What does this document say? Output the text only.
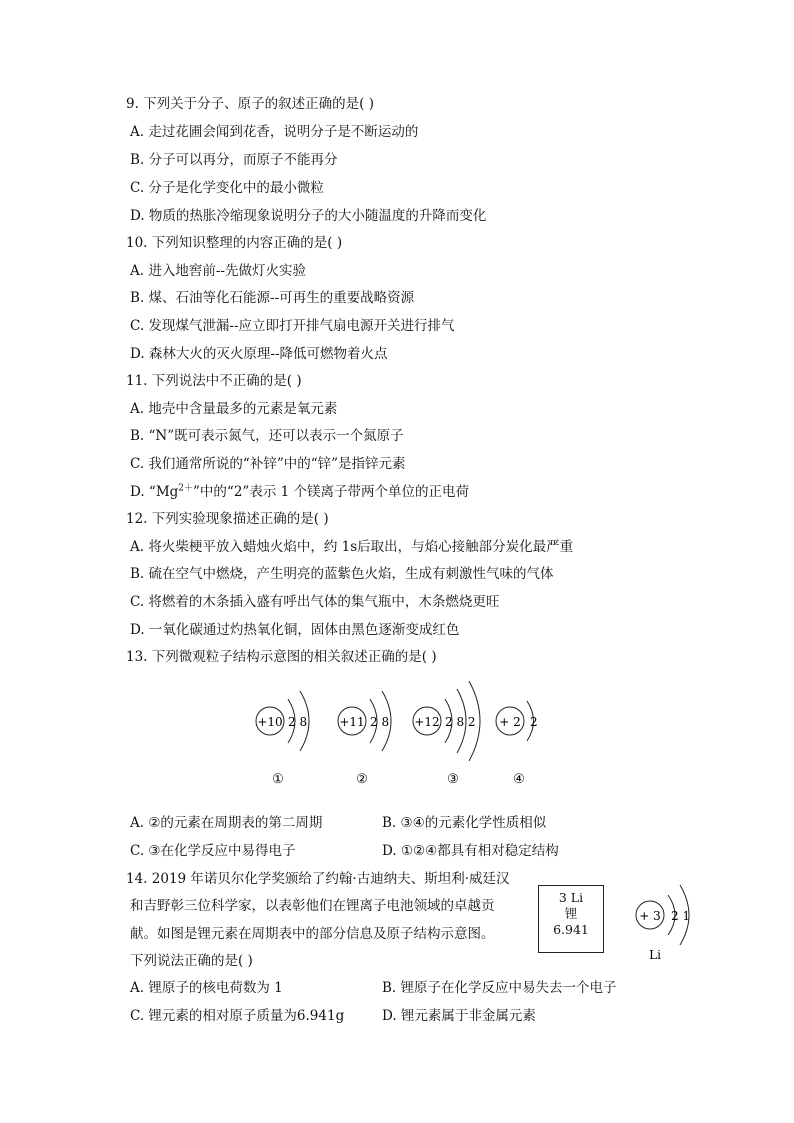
9. 下列关于分子、原子的叙述正确的是( )
A. 走过花圃会闻到花香，说明分子是不断运动的
B. 分子可以再分，而原子不能再分
C. 分子是化学变化中的最小微粒
D. 物质的热胀冷缩现象说明分子的大小随温度的升降而变化
10. 下列知识整理的内容正确的是( )
A. 进入地窖前--先做灯火实验
B. 煤、石油等化石能源--可再生的重要战略资源
C. 发现煤气泄漏--应立即打开排气扇电源开关进行排气
D. 森林大火的灭火原理--降低可燃物着火点
11. 下列说法中不正确的是( )
A. 地壳中含量最多的元素是氧元素
B. “N”既可表示氮气，还可以表示一个氮原子
C. 我们通常所说的“补锌”中的“锌”是指锌元素
D. “$Mg^{2+}$”中的“2”表示 1 个镁离子带两个单位的正电荷
12. 下列实验现象描述正确的是( )
A. 将火柴梗平放入蜡烛火焰中，约 1s后取出，与焰心接触部分炭化最严重
B. 硫在空气中燃烧，产生明亮的蓝紫色火焰，生成有刺激性气味的气体
C. 将燃着的木条插入盛有呼出气体的集气瓶中，木条燃烧更旺
D. 一氧化碳通过灼热氧化铜，固体由黑色逐渐变成红色
13. 下列微观粒子结构示意图的相关叙述正确的是( )
+10 2 8
①
+11 2 8
②
+12 2 8 2
③
+ 2 2
④
A. ②的元素在周期表的第二周期	B. ③④的元素化学性质相似
C. ③在化学反应中易得电子	D. ①②④都具有相对稳定结构
14. 2019 年诺贝尔化学奖颁给了约翰·古迪纳夫、斯坦利·威廷汉
和吉野彰三位科学家，以表彰他们在锂离子电池领域的卓越贡
献。如图是锂元素在周期表中的部分信息及原子结构示意图。
下列说法正确的是( )
3 Li
锂
6.941
+ 3 2 1
Li
A. 锂原子的核电荷数为 1	B. 锂原子在化学反应中易失去一个电子
C. 锂元素的相对原子质量为6.941g	D. 锂元素属于非金属元素
